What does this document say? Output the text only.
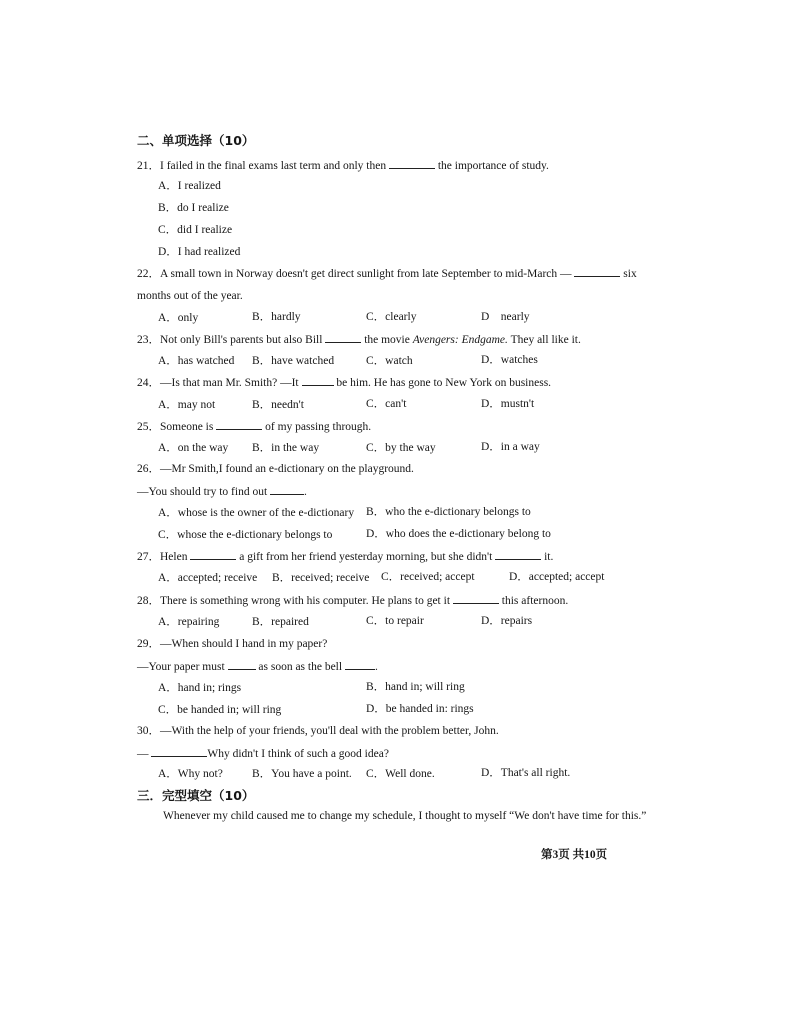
二、单项选择（10）
21．I failed in the final exams last term and only then	the importance of study.
A．I realized
B．do I realize
C．did I realize
D．I had realized
22．A small town in Norway doesn't get direct sunlight from late September to mid-March —	six
months out of the year.
A．only	B．hardly	C．clearly	D　nearly
23．Not only Bill's parents but also Bill	the movie Avengers: Endgame. They all like it.
A．has watched B．have watched	C．watch	D．watches
24．—Is that man Mr. Smith? —It	be him. He has gone to New York on business.
A．may not	B．needn't	C．can't	D．mustn't
25．Someone is	of my passing through.
A．on the way B．in the way	C．by the way	D．in a way
26．—Mr Smith,I found an e-dictionary on the playground.
—You should try to find out	.
A．whose is the owner of the e-dictionary B．who the e-dictionary belongs to
C．whose the e-dictionary belongs to	D．who does the e-dictionary belong to
27．Helen	a gift from her friend yesterday morning, but she didn't	it.
A．accepted; receive B．received; receive C．received; accept	D．accepted; accept
28．There is something wrong with his computer. He plans to get it	this afternoon.
A．repairing	B．repaired	C．to repair	D．repairs
29．—When should I hand in my paper?
—Your paper must	as soon as the bell	.
A．hand in; rings	B．hand in; will ring
C．be handed in; will ring	D．be handed in: rings
30．—With the help of your friends, you'll deal with the problem better, John.
—	Why didn't I think of such a good idea?
A．Why not?	B．You have a point. C．Well done.	D．That's all right.
三．完型填空（10）
Whenever my child caused me to change my schedule, I thought to myself “We don't have time for this.”
第3页 共10页
